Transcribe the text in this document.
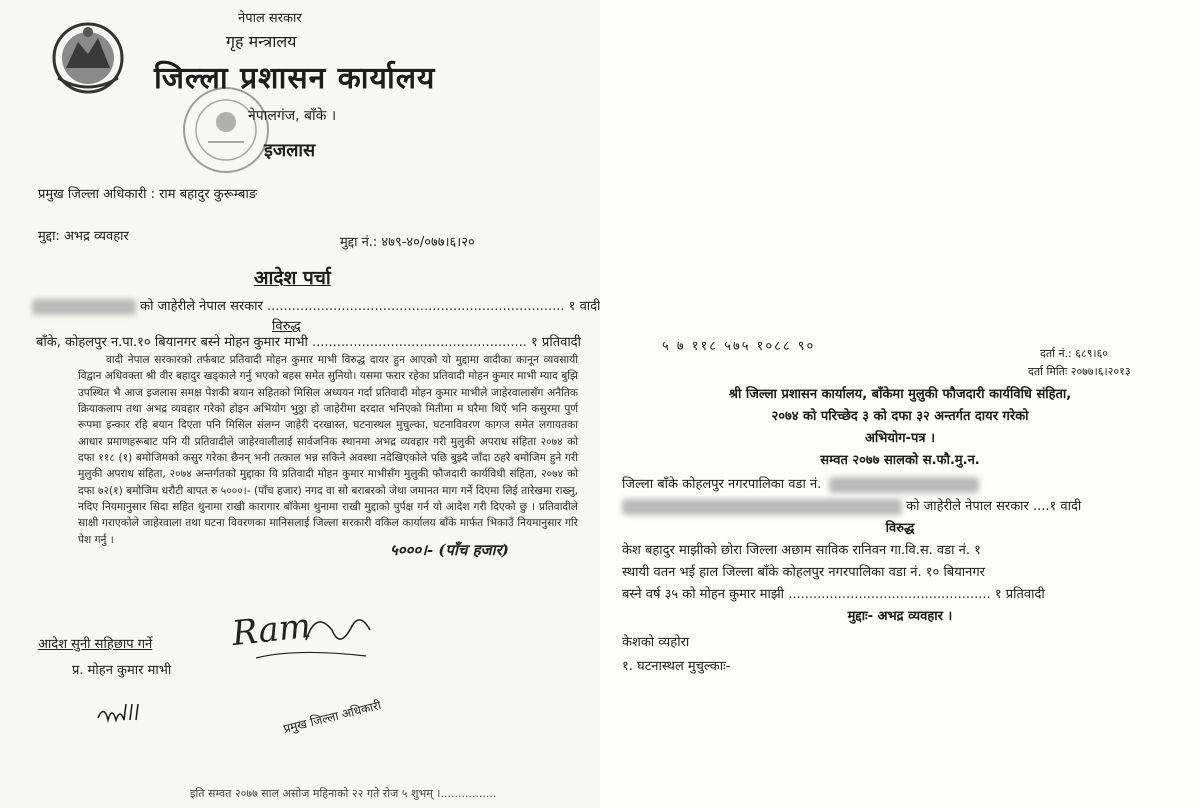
नेपाल सरकार
गृह मन्त्रालय
जिल्ला प्रशासन कार्यालय
नेपालगंज, बाँके ।
इजलास
प्रमुख जिल्ला अधिकारी : राम बहादुर कुरूम्बाङ
मुद्दा: अभद्र व्यवहार	मुद्दा नं.: ४७९-४०/०७७।६।२०
आदेश पर्चा
को जाहेरीले नेपाल सरकार ........................................................................ १ वादी
विरुद्ध
बाँके, कोहलपुर न.पा.१० बियानगर बस्ने मोहन कुमार माभी .................................................... १ प्रतिवादी

वादी नेपाल सरकारको तर्फबाट प्रतिवादी मोहन कुमार माभी विरुद्ध दायर हुन आएको यो मुद्दामा वादीका कानून व्यवसायी विद्वान अधिवक्ता श्री वीर बहादुर खड्काले गर्नु भएको बहस समेत सुनियो। यसमा फरार रहेका प्रतिवादी मोहन कुमार माभी म्याद बुझि उपस्थित भै आज इजलास समक्ष पेशकी बयान सहितको मिसिल अध्ययन गर्दा प्रतिवादी मोहन कुमार माभीले जाहेरवालासँग अनैतिक क्रियाकलाप तथा अभद्र व्यवहार गरेको होइन अभियोग भुठ्ठा हो जाहेरीमा दरदात भनिएको मितीमा म घरैमा थिएँ भनि कसुरमा पुर्ण रूपमा इन्कार रहि बयान दिएता पनि मिसिल संलग्न जाहेरी दरखास्त, घटनास्थल मुचुल्का, घटनाविवरण कागज समेत लगायतका आधार प्रमाणहरूबाट पनि यी प्रतिवादीले जाहेरवालीलाई सार्वजनिक स्थानमा अभद्र व्यवहार गरी मुलुकी अपराध संहिता २०७४ को दफा ११८ (१) बमोजिमको कसुर गरेका छैनन् भनी तत्काल भन्न सकिने अवस्था नदेखिएकोले पछि बुझ्दै जाँदा ठहरे बमोजिम हुने गरी मुलुकी अपराध संहिता, २०७४ अन्तर्गतको मुद्दाका यि प्रतिवादी मोहन कुमार माभीसँग मुलुकी फौजदारी कार्यविधी संहिता, २०७४ को दफा ७२(१) बमोजिम धरौटी बापत रु ५०००।- (पाँच हजार) नगद वा सो बराबरको जेथा जमानत माग गर्ने दिएमा लिई तारेखमा राख्नु, नदिए नियमानुसार सिदा सहित थुनामा राखी कारागार बाँकेमा थुनामा राखी मुद्दाको पुर्पक्ष गर्न यो आदेश गरी दिएको छु । प्रतिवादीले साक्षी गराएकोले जाहेरवाला तथा घटना विवरणका मानिसलाई जिल्ला सरकारी वकिल कार्यालय बाँके मार्फत भिकाउँ नियमानुसार गरि पेश गर्नु ।

५०००।- (पाँच हजार)
आदेश सुनी सहिछाप गर्ने
प्र. मोहन कुमार माभी
Ram
प्रमुख जिल्ला अधिकारी
इति सम्वत २०७७ साल असोज महिनाको २२ गते रोज ५ शुभम् ।................
५ ७ ११८ ५७५ १०८८ ९०	दर्ता नं.: ६८९।६०
दर्ता मितिः २०७७।६।२०१३
श्री जिल्ला प्रशासन कार्यालय, बाँकेमा मुलुकी फौजदारी कार्यविधि संहिता,
२०७४ को परिच्छेद ३ को दफा ३२ अन्तर्गत दायर गरेको
अभियोग-पत्र ।
सम्वत २०७७ सालको स.फौ.मु.न.
जिल्ला बाँके कोहलपुर नगरपालिका वडा नं.
को जाहेरीले नेपाल सरकार ....१ वादी
विरुद्ध
केश बहादुर माझीको छोरा जिल्ला अछाम साविक रानिवन गा.वि.स. वडा नं. १
स्थायी वतन भई हाल जिल्ला बाँके कोहलपुर नगरपालिका वडा नं. १० बियानगर
बस्ने वर्ष ३५ को मोहन कुमार माझी ................................................. १ प्रतिवादी
मुद्दाः- अभद्र व्यवहार ।
केशको व्यहोरा
१. घटनास्थल मुचुल्काः-
